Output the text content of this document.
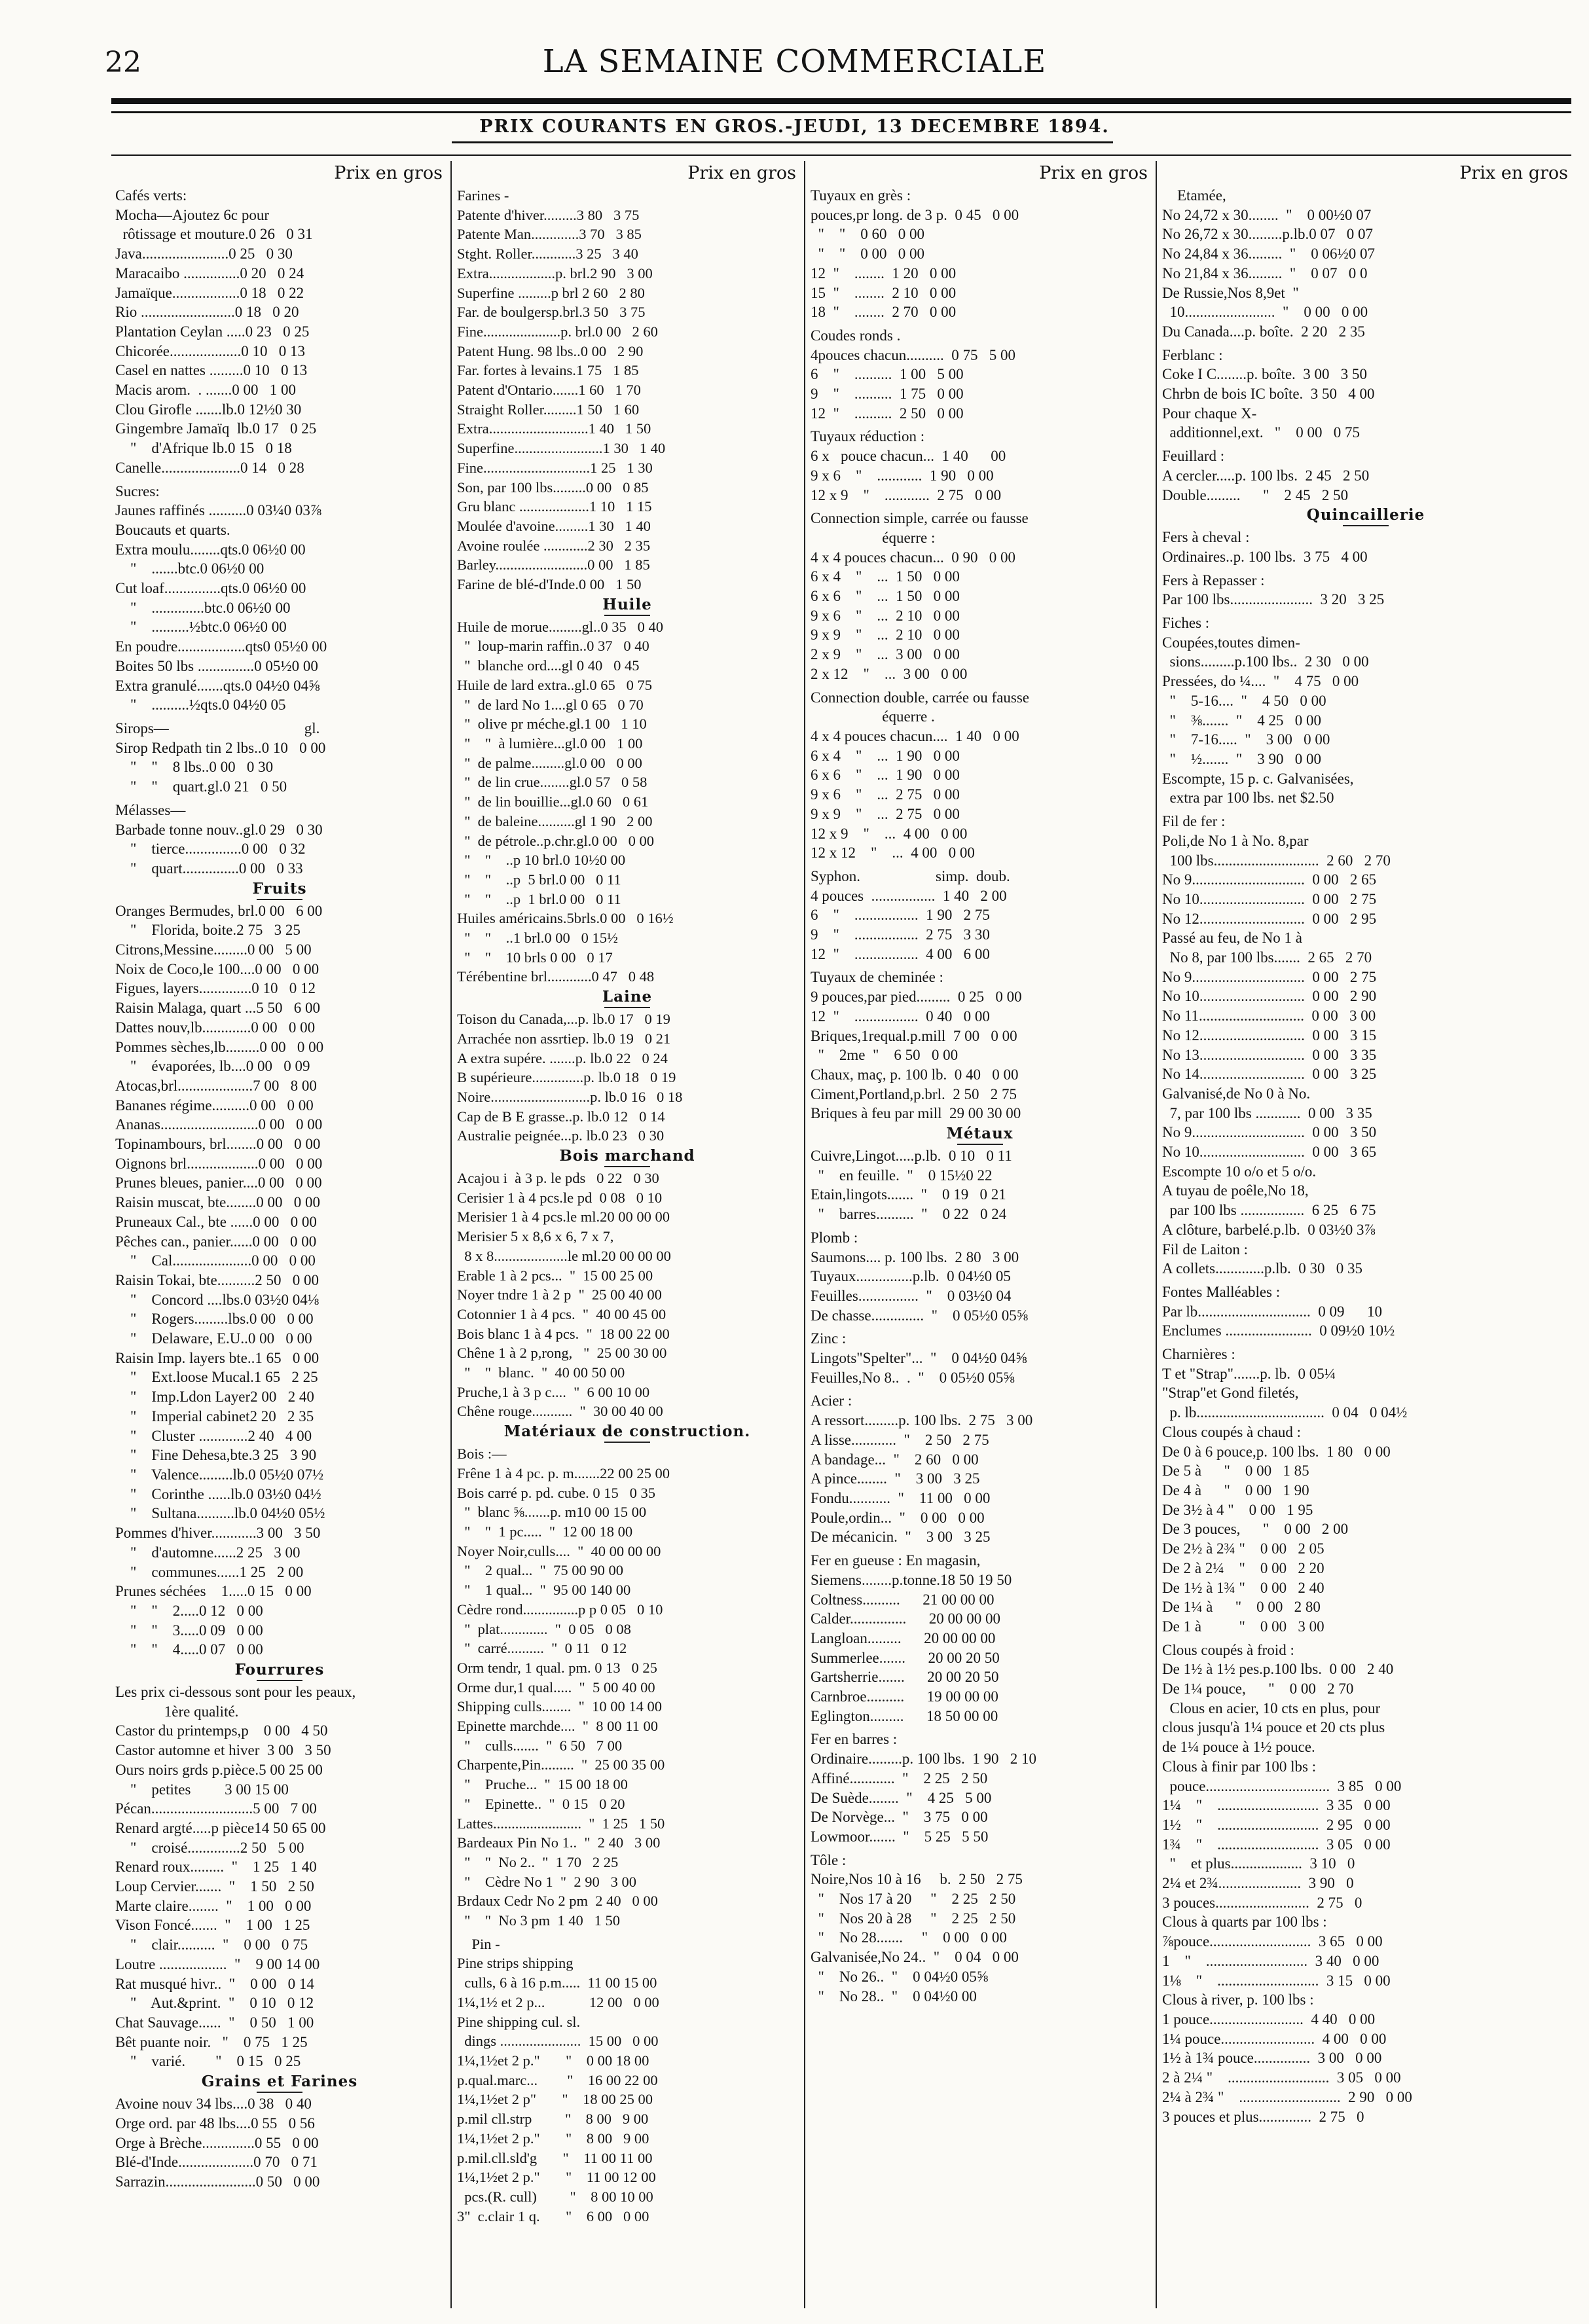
22	LA SEMAINE COMMERCIALE
PRIX COURANTS EN GROS.-JEUDI, 13 DECEMBRE 1894.
Prix en gros
Cafés verts:
Mocha—Ajoutez 6c pour
rôtissage et mouture.0 26   0 31
Java.......................0 25   0 30
Maracaibo ...............0 20   0 24
Jamaïque..................0 18   0 22
Rio .........................0 18   0 20
Plantation Ceylan .....0 23   0 25
Chicorée...................0 10   0 13
Casel en nattes .........0 10   0 13
Macis arom.  . .......0 00   1 00
Clou Girofle .......lb.0 12½0 30
Gingembre Jamaïq  lb.0 17   0 25
"    d'Afrique lb.0 15   0 18
Canelle.....................0 14   0 28
Sucres:
Jaunes raffinés ..........0 03¼0 03⅞
Boucauts et quarts.
Extra moulu........qts.0 06½0 00
"    .......btc.0 06½0 00
Cut loaf...............qts.0 06½0 00
"    ..............btc.0 06½0 00
"    ..........½btc.0 06½0 00
En poudre..................qts0 05½0 00
Boites 50 lbs ...............0 05½0 00
Extra granulé.......qts.0 04½0 04⅝
"    ..........½qts.0 04½0 05
Sirops—                                    gl.
Sirop Redpath tin 2 lbs..0 10   0 00
"    "    8 lbs..0 00   0 30
"    "    quart.gl.0 21   0 50
Mélasses—
Barbade tonne nouv..gl.0 29   0 30
"    tierce...............0 00   0 32
"    quart...............0 00   0 33
Fruits
Oranges Bermudes, brl.0 00   6 00
"    Florida, boite.2 75   3 25
Citrons,Messine.........0 00   5 00
Noix de Coco,le 100....0 00   0 00
Figues, layers..............0 10   0 12
Raisin Malaga, quart ...5 50   6 00
Dattes nouv,lb.............0 00   0 00
Pommes sèches,lb.........0 00   0 00
"    évaporées, lb....0 00   0 09
Atocas,brl....................7 00   8 00
Bananes régime..........0 00   0 00
Ananas..........................0 00   0 00
Topinambours, brl........0 00   0 00
Oignons brl...................0 00   0 00
Prunes bleues, panier....0 00   0 00
Raisin muscat, bte........0 00   0 00
Pruneaux Cal., bte ......0 00   0 00
Pêches can., panier......0 00   0 00
"    Cal.....................0 00   0 00
Raisin Tokai, bte..........2 50   0 00
"    Concord ....lbs.0 03½0 04⅛
"    Rogers.........lbs.0 00   0 00
"    Delaware, E.U..0 00   0 00
Raisin Imp. layers bte..1 65   0 00
"    Ext.loose Mucal.1 65   2 25
"    Imp.Ldon Layer2 00   2 40
"    Imperial cabinet2 20   2 35
"    Cluster .............2 40   4 00
"    Fine Dehesa,bte.3 25   3 90
"    Valence.........lb.0 05½0 07½
"    Corinthe ......lb.0 03½0 04½
"    Sultana..........lb.0 04½0 05½
Pommes d'hiver............3 00   3 50
"    d'automne......2 25   3 00
"    communes......1 25   2 00
Prunes séchées    1.....0 15   0 00
"    "    2.....0 12   0 00
"    "    3.....0 09   0 00
"    "    4.....0 07   0 00
Fourrures
Les prix ci-dessous sont pour les peaux,
1ère qualité.
Castor du printemps,p    0 00   4 50
Castor automne et hiver  3 00   3 50
Ours noirs grds p.pièce.5 00 25 00
"    petites         3 00 15 00
Pécan...........................5 00   7 00
Renard argté.....p pièce14 50 65 00
"    croisé..............2 50   5 00
Renard roux.........  "    1 25   1 40
Loup Cervier.......  "    1 50   2 50
Marte claire........  "    1 00   0 00
Vison Foncé.......  "    1 00   1 25
"    clair..........  "    0 00   0 75
Loutre ..................  "    9 00 14 00
Rat musqué hivr..  "    0 00   0 14
"    Aut.&print.  "    0 10   0 12
Chat Sauvage......  "    0 50   1 00
Bêt puante noir.   "    0 75   1 25
"    varié.        "    0 15   0 25
Grains et Farines
Avoine nouv 34 lbs....0 38   0 40
Orge ord. par 48 lbs....0 55   0 56
Orge à Brèche..............0 55   0 00
Blé-d'Inde....................0 70   0 71
Sarrazin........................0 50   0 00
Prix en gros
Farines -
Patente d'hiver.........3 80   3 75
Patente Man.............3 70   3 85
Stght. Roller............3 25   3 40
Extra..................p. brl.2 90   3 00
Superfine .........p brl 2 60   2 80
Far. de boulgersp.brl.3 50   3 75
Fine.....................p. brl.0 00   2 60
Patent Hung. 98 lbs..0 00   2 90
Far. fortes à levains.1 75   1 85
Patent d'Ontario.......1 60   1 70
Straight Roller.........1 50   1 60
Extra...........................1 40   1 50
Superfine........................1 30   1 40
Fine.............................1 25   1 30
Son, par 100 lbs.........0 00   0 85
Gru blanc ...................1 10   1 15
Moulée d'avoine.........1 30   1 40
Avoine roulée ............2 30   2 35
Barley.........................0 00   1 85
Farine de blé-d'Inde.0 00   1 50
Huile
Huile de morue.........gl..0 35   0 40
"  loup-marin raffin..0 37   0 40
"  blanche ord....gl 0 40   0 45
Huile de lard extra..gl.0 65   0 75
"  de lard No 1....gl 0 65   0 70
"  olive pr méche.gl.1 00   1 10
"    "  à lumière...gl.0 00   1 00
"  de palme.........gl.0 00   0 00
"  de lin crue........gl.0 57   0 58
"  de lin bouillie...gl.0 60   0 61
"  de baleine..........gl 1 90   2 00
"  de pétrole..p.chr.gl.0 00   0 00
"    "    ..p 10 brl.0 10½0 00
"    "    ..p  5 brl.0 00   0 11
"    "    ..p  1 brl.0 00   0 11
Huiles américains.5brls.0 00   0 16½
"    "    ..1 brl.0 00   0 15½
"    "    10 brls 0 00   0 17
Térébentine brl............0 47   0 48
Laine
Toison du Canada,...p. lb.0 17   0 19
Arrachée non assrtiep. lb.0 19   0 21
A extra supére. .......p. lb.0 22   0 24
B supérieure..............p. lb.0 18   0 19
Noire...........................p. lb.0 16   0 18
Cap de B E grasse..p. lb.0 12   0 14
Australie peignée...p. lb.0 23   0 30
Bois marchand
Acajou i  à 3 p. le pds   0 22   0 30
Cerisier 1 à 4 pcs.le pd  0 08   0 10
Merisier 1 à 4 pcs.le ml.20 00 00 00
Merisier 5 x 8,6 x 6, 7 x 7,
8 x 8....................le ml.20 00 00 00
Erable 1 à 2 pcs...  "  15 00 25 00
Noyer tndre 1 à 2 p  "  25 00 40 00
Cotonnier 1 à 4 pcs.  "  40 00 45 00
Bois blanc 1 à 4 pcs.  "  18 00 22 00
Chêne 1 à 2 p,rong,   "  25 00 30 00
"    "  blanc.  "  40 00 50 00
Pruche,1 à 3 p c....  "  6 00 10 00
Chêne rouge...........  "  30 00 40 00
Matériaux de construction.
Bois :—
Frêne 1 à 4 pc. p. m.......22 00 25 00
Bois carré p. pd. cube. 0 15   0 35
"  blanc ⅝.......p. m10 00 15 00
"    "  1 pc.....  "  12 00 18 00
Noyer Noir,culls....  "  40 00 00 00
"    2 qual...  "  75 00 90 00
"    1 qual...  "  95 00 140 00
Cèdre rond...............p p 0 05   0 10
"  plat.............  "  0 05   0 08
"  carré..........  "  0 11   0 12
Orm tendr, 1 qual. pm. 0 13   0 25
Orme dur,1 qual.....  "  5 00 40 00
Shipping culls........  "  10 00 14 00
Epinette marchde....  "  8 00 11 00
"    culls.......  "  6 50   7 00
Charpente,Pin.........  "  25 00 35 00
"    Pruche...  "  15 00 18 00
"    Epinette..  "  0 15   0 20
Lattes........................  "  1 25   1 50
Bardeaux Pin No 1..  "  2 40   3 00
"    "  No 2..  "  1 70   2 25
"    Cèdre No 1  "  2 90   3 00
Brdaux Cedr No 2 pm  2 40   0 00
"    "  No 3 pm  1 40   1 50
Pin -
Pine strips shipping
culls, 6 à 16 p.m.....  11 00 15 00
1¼,1½ et 2 p...            12 00   0 00
Pine shipping cul. sl.
dings ......................  15 00   0 00
1¼,1½et 2 p."       "    0 00 18 00
p.qual.marc...        "    16 00 22 00
1¼,1½et 2 p"       "    18 00 25 00
p.mil cll.strp         "    8 00   9 00
1¼,1½et 2 p."       "    8 00   9 00
p.mil.cll.sld'g       "    11 00 11 00
1¼,1½et 2 p."       "    11 00 12 00
pcs.(R. cull)         "    8 00 10 00
3"  c.clair 1 q.       "    6 00   0 00
Prix en gros
Tuyaux en grès :
pouces,pr long. de 3 p.  0 45   0 00
"    "    0 60   0 00
"    "    0 00   0 00
12  "    ........  1 20   0 00
15  "    ........  2 10   0 00
18  "    ........  2 70   0 00
Coudes ronds .
4pouces chacun..........  0 75   5 00
6    "    ..........  1 00   5 00
9    "    ..........  1 75   0 00
12  "    ..........  2 50   0 00
Tuyaux réduction :
6 x   pouce chacun...  1 40      00
9 x 6    "    ............  1 90   0 00
12 x 9    "    ............  2 75   0 00
Connection simple, carrée ou fausse
équerre :
4 x 4 pouces chacun...  0 90   0 00
6 x 4    "    ...  1 50   0 00
6 x 6    "    ...  1 50   0 00
9 x 6    "    ...  2 10   0 00
9 x 9    "    ...  2 10   0 00
2 x 9    "    ...  3 00   0 00
2 x 12    "    ...  3 00   0 00
Connection double, carrée ou fausse
équerre .
4 x 4 pouces chacun....  1 40   0 00
6 x 4    "    ...  1 90   0 00
6 x 6    "    ...  1 90   0 00
9 x 6    "    ...  2 75   0 00
9 x 9    "    ...  2 75   0 00
12 x 9    "    ...  4 00   0 00
12 x 12    "    ...  4 00   0 00
Syphon.                    simp.  doub.
4 pouces  .................  1 40   2 00
6    "    .................  1 90   2 75
9    "    .................  2 75   3 30
12  "    .................  4 00   6 00
Tuyaux de cheminée :
9 pouces,par pied.........  0 25   0 00
12  "    .................  0 40   0 00
Briques,1requal.p.mill  7 00   0 00
"    2me  "    6 50   0 00
Chaux, maç, p. 100 lb.  0 40   0 00
Ciment,Portland,p.brl.  2 50   2 75
Briques à feu par mill  29 00 30 00
Métaux
Cuivre,Lingot.....p.lb.  0 10   0 11
"    en feuille.  "    0 15½0 22
Etain,lingots.......  "    0 19   0 21
"    barres..........  "    0 22   0 24
Plomb :
Saumons.... p. 100 lbs.  2 80   3 00
Tuyaux...............p.lb.  0 04½0 05
Feuilles................  "    0 03½0 04
De chasse..............  "    0 05½0 05⅝
Zinc :
Lingots"Spelter"...  "    0 04½0 04⅝
Feuilles,No 8..  .  "    0 05½0 05⅝
Acier :
A ressort.........p. 100 lbs.  2 75   3 00
A lisse............  "    2 50   2 75
A bandage...  "    2 60   0 00
A pince........  "    3 00   3 25
Fondu...........  "    11 00   0 00
Poule,ordin...  "    0 00   0 00
De mécanicin.  "    3 00   3 25
Fer en gueuse : En magasin,
Siemens........p.tonne.18 50 19 50
Coltness..........      21 00 00 00
Calder...............      20 00 00 00
Langloan.........      20 00 00 00
Summerlee.......      20 00 20 50
Gartsherrie.......      20 00 20 50
Carnbroe..........      19 00 00 00
Eglington.........      18 50 00 00
Fer en barres :
Ordinaire.........p. 100 lbs.  1 90   2 10
Affiné............  "    2 25   2 50
De Suède........  "    4 25   5 00
De Norvège...  "    3 75   0 00
Lowmoor.......  "    5 25   5 50
Tôle :
Noire,Nos 10 à 16     b.  2 50   2 75
"    Nos 17 à 20     "    2 25   2 50
"    Nos 20 à 28     "    2 25   2 50
"    No 28.......     "    0 00   0 00
Galvanisée,No 24..  "    0 04   0 00
"    No 26..  "    0 04½0 05⅝
"    No 28..  "    0 04½0 00
Prix en gros
Etamée,
No 24,72 x 30........  "    0 00½0 07
No 26,72 x 30.........p.lb.0 07   0 07
No 24,84 x 36.........  "    0 06½0 07
No 21,84 x 36.........  "    0 07   0 0
De Russie,Nos 8,9et  "
10........................  "    0 00   0 00
Du Canada....p. boîte.  2 20   2 35
Ferblanc :
Coke I C........p. boîte.  3 00   3 50
Chrbn de bois IC boîte.  3 50   4 00
Pour chaque X-
additionnel,ext.   "    0 00   0 75
Feuillard :
A cercler.....p. 100 lbs.  2 45   2 50
Double.........      "    2 45   2 50
Quincaillerie
Fers à cheval :
Ordinaires..p. 100 lbs.  3 75   4 00
Fers à Repasser :
Par 100 lbs......................  3 20   3 25
Fiches :
Coupées,toutes dimen-
sions.........p.100 lbs..  2 30   0 00
Pressées, do ¼....  "    4 75   0 00
"    5-16....  "    4 50   0 00
"    ⅜.......  "    4 25   0 00
"    7-16.....  "    3 00   0 00
"    ½.......  "    3 90   0 00
Escompte, 15 p. c. Galvanisées,
extra par 100 lbs. net $2.50
Fil de fer :
Poli,de No 1 à No. 8,par
100 lbs............................  2 60   2 70
No 9..............................  0 00   2 65
No 10............................  0 00   2 75
No 12............................  0 00   2 95
Passé au feu, de No 1 à
No 8, par 100 lbs.......  2 65   2 70
No 9..............................  0 00   2 75
No 10............................  0 00   2 90
No 11............................  0 00   3 00
No 12............................  0 00   3 15
No 13............................  0 00   3 35
No 14............................  0 00   3 25
Galvanisé,de No 0 à No.
7, par 100 lbs ............  0 00   3 35
No 9..............................  0 00   3 50
No 10............................  0 00   3 65
Escompte 10 o/o et 5 o/o.
A tuyau de poêle,No 18,
par 100 lbs .................  6 25   6 75
A clôture, barbelé.p.lb.  0 03½0 3⅞
Fil de Laiton :
A collets.............p.lb.  0 30   0 35
Fontes Malléables :
Par lb..............................  0 09      10
Enclumes .......................  0 09½0 10½
Charnières :
T et "Strap".......p. lb.  0 05¼
"Strap"et Gond filetés,
p. lb..................................  0 04   0 04½
Clous coupés à chaud :
De 0 à 6 pouce,p. 100 lbs.  1 80   0 00
De 5 à      "    0 00   1 85
De 4 à      "    0 00   1 90
De 3½ à 4 "    0 00   1 95
De 3 pouces,      "    0 00   2 00
De 2½ à 2¾ "    0 00   2 05
De 2 à 2¼    "    0 00   2 20
De 1½ à 1¾ "    0 00   2 40
De 1¼ à      "    0 00   2 80
De 1 à          "    0 00   3 00
Clous coupés à froid :
De 1½ à 1½ pes.p.100 lbs.  0 00   2 40
De 1¼ pouce,      "    0 00   2 70
Clous en acier, 10 cts en plus, pour
clous jusqu'à 1¼ pouce et 20 cts plus
de 1¼ pouce à 1½ pouce.
Clous à finir par 100 lbs :
pouce.................................  3 85   0 00
1¼    "    ...........................  3 35   0 00
1½    "    ...........................  2 95   0 00
1¾    "    ...........................  3 05   0 00
"    et plus...................  3 10   0
2¼ et 2¾......................  3 90   0
3 pouces.........................  2 75   0
Clous à quarts par 100 lbs :
⅞pouce...........................  3 65   0 00
1    "    ...........................  3 40   0 00
1⅛    "    ...........................  3 15   0 00
Clous à river, p. 100 lbs :
1 pouce.........................  4 40   0 00
1¼ pouce.........................  4 00   0 00
1½ à 1¾ pouce...............  3 00   0 00
2 à 2¼ "    ...........................  3 05   0 00
2¼ à 2¾ "    ...........................  2 90   0 00
3 pouces et plus..............  2 75   0
